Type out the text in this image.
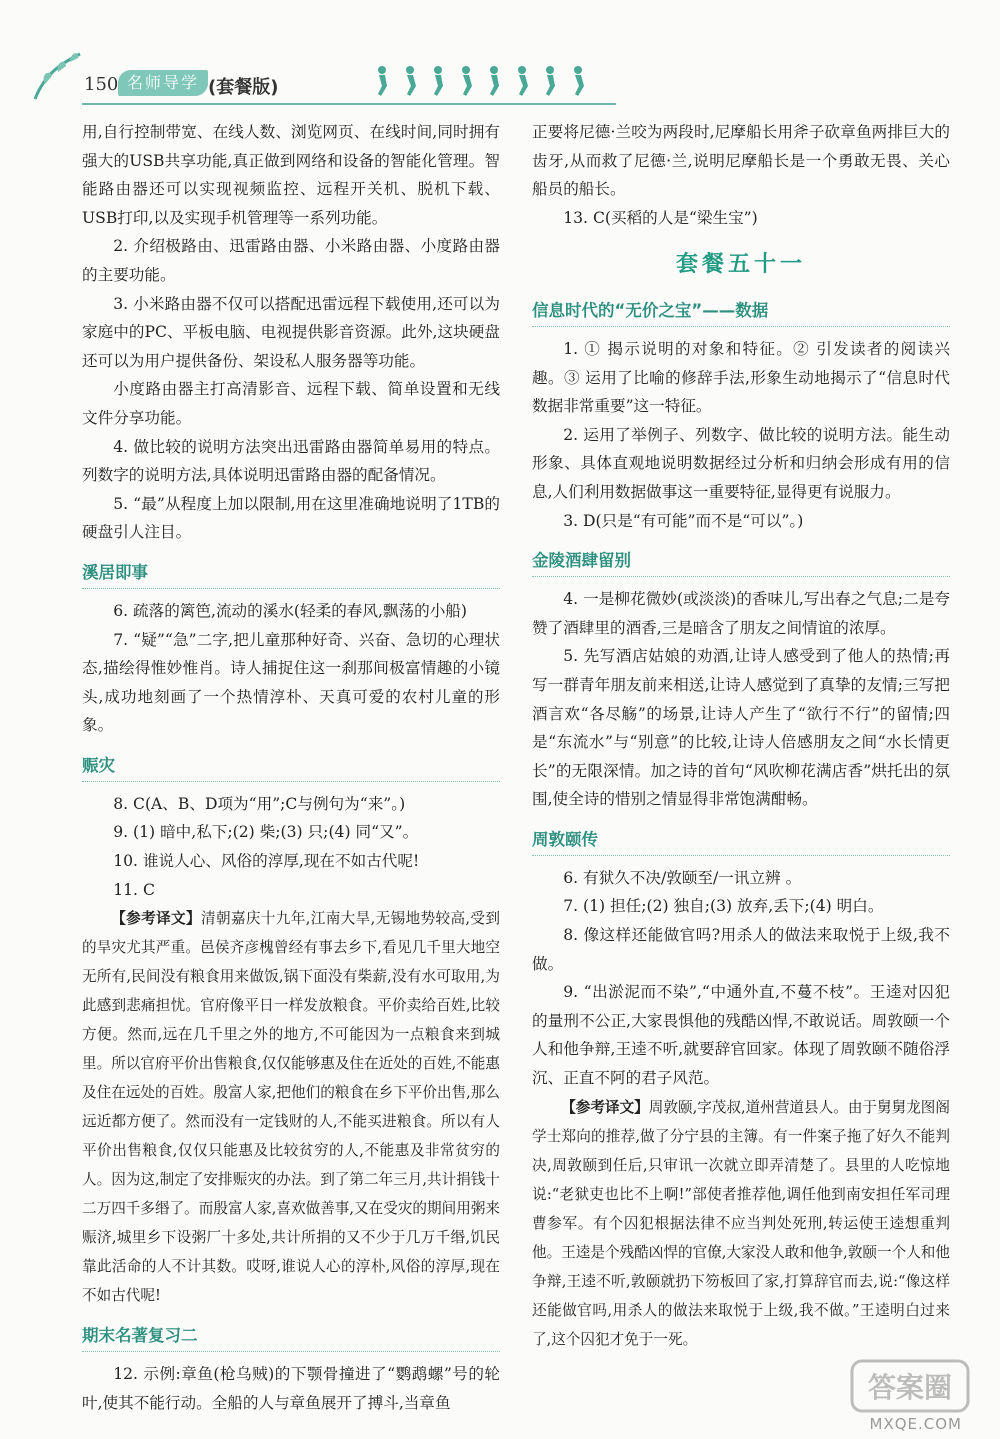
150 名师导学 (套餐版)

用,自行控制带宽、在线人数、浏览网页、在线时间,同时拥有强大的USB共享功能,真正做到网络和设备的智能化管理。智能路由器还可以实现视频监控、远程开关机、脱机下载、USB打印,以及实现手机管理等一系列功能。

2. 介绍极路由、迅雷路由器、小米路由器、小度路由器的主要功能。

3. 小米路由器不仅可以搭配迅雷远程下载使用,还可以为家庭中的PC、平板电脑、电视提供影音资源。此外,这块硬盘还可以为用户提供备份、架设私人服务器等功能。

小度路由器主打高清影音、远程下载、简单设置和无线文件分享功能。

4. 做比较的说明方法突出迅雷路由器简单易用的特点。列数字的说明方法,具体说明迅雷路由器的配备情况。

5. “最”从程度上加以限制,用在这里准确地说明了1TB的硬盘引人注目。

溪居即事

6. 疏落的篱笆,流动的溪水(轻柔的春风,飘荡的小船)

7. “疑”“急”二字,把儿童那种好奇、兴奋、急切的心理状态,描绘得惟妙惟肖。诗人捕捉住这一刹那间极富情趣的小镜头,成功地刻画了一个热情淳朴、天真可爱的农村儿童的形象。

赈灾

8. C(A、B、D项为“用”;C与例句为“来”。)

9. (1) 暗中,私下;(2) 柴;(3) 只;(4) 同“又”。

10. 谁说人心、风俗的淳厚,现在不如古代呢!

11. C

【参考译文】清朝嘉庆十九年,江南大旱,无锡地势较高,受到的旱灾尤其严重。邑侯齐彦槐曾经有事去乡下,看见几千里大地空无所有,民间没有粮食用来做饭,锅下面没有柴薪,没有水可取用,为此感到悲痛担忧。官府像平日一样发放粮食。平价卖给百姓,比较方便。然而,远在几千里之外的地方,不可能因为一点粮食来到城里。所以官府平价出售粮食,仅仅能够惠及住在近处的百姓,不能惠及住在远处的百姓。殷富人家,把他们的粮食在乡下平价出售,那么远近都方便了。然而没有一定钱财的人,不能买进粮食。所以有人平价出售粮食,仅仅只能惠及比较贫穷的人,不能惠及非常贫穷的人。因为这,制定了安排赈灾的办法。到了第二年三月,共计捐钱十二万四千多缗了。而殷富人家,喜欢做善事,又在受灾的期间用粥来赈济,城里乡下设粥厂十多处,共计所捐的又不少于几万千缗,饥民靠此活命的人不计其数。哎呀,谁说人心的淳朴,风俗的淳厚,现在不如古代呢!

期末名著复习二

12. 示例:章鱼(枪乌贼)的下颚骨撞进了“鹦鹉螺”号的轮叶,使其不能行动。全船的人与章鱼展开了搏斗,当章鱼

正要将尼德·兰咬为两段时,尼摩船长用斧子砍章鱼两排巨大的齿牙,从而救了尼德·兰,说明尼摩船长是一个勇敢无畏、关心船员的船长。

13. C(买稻的人是“梁生宝”)

套餐五十一
信息时代的“无价之宝”——数据

1. ① 揭示说明的对象和特征。② 引发读者的阅读兴趣。③ 运用了比喻的修辞手法,形象生动地揭示了“信息时代数据非常重要”这一特征。

2. 运用了举例子、列数字、做比较的说明方法。能生动形象、具体直观地说明数据经过分析和归纳会形成有用的信息,人们利用数据做事这一重要特征,显得更有说服力。

3. D(只是“有可能”而不是“可以”。)

金陵酒肆留别

4. 一是柳花微妙(或淡淡)的香味儿,写出春之气息;二是夸赞了酒肆里的酒香,三是暗含了朋友之间情谊的浓厚。

5. 先写酒店姑娘的劝酒,让诗人感受到了他人的热情;再写一群青年朋友前来相送,让诗人感觉到了真挚的友情;三写把酒言欢“各尽觞”的场景,让诗人产生了“欲行不行”的留情;四是“东流水”与“别意”的比较,让诗人倍感朋友之间“水长情更长”的无限深情。加之诗的首句“风吹柳花满店香”烘托出的氛围,使全诗的惜别之情显得非常饱满酣畅。

周敦颐传

6. 有狱久不决/敦颐至/一讯立辨 。

7. (1) 担任;(2) 独自;(3) 放弃,丢下;(4) 明白。

8. 像这样还能做官吗?用杀人的做法来取悦于上级,我不做。

9. “出淤泥而不染”,“中通外直,不蔓不枝”。王逵对囚犯的量刑不公正,大家畏惧他的残酷凶悍,不敢说话。周敦颐一个人和他争辩,王逵不听,就要辞官回家。体现了周敦颐不随俗浮沉、正直不阿的君子风范。

【参考译文】周敦颐,字茂叔,道州营道县人。由于舅舅龙图阁学士郑向的推荐,做了分宁县的主簿。有一件案子拖了好久不能判决,周敦颐到任后,只审讯一次就立即弄清楚了。县里的人吃惊地说:“老狱吏也比不上啊!”部使者推荐他,调任他到南安担任军司理曹参军。有个囚犯根据法律不应当判处死刑,转运使王逵想重判他。王逵是个残酷凶悍的官僚,大家没人敢和他争,敦颐一个人和他争辩,王逵不听,敦颐就扔下笏板回了家,打算辞官而去,说:“像这样还能做官吗,用杀人的做法来取悦于上级,我不做。”王逵明白过来了,这个囚犯才免于一死。

答案圈
MXQE.COM
